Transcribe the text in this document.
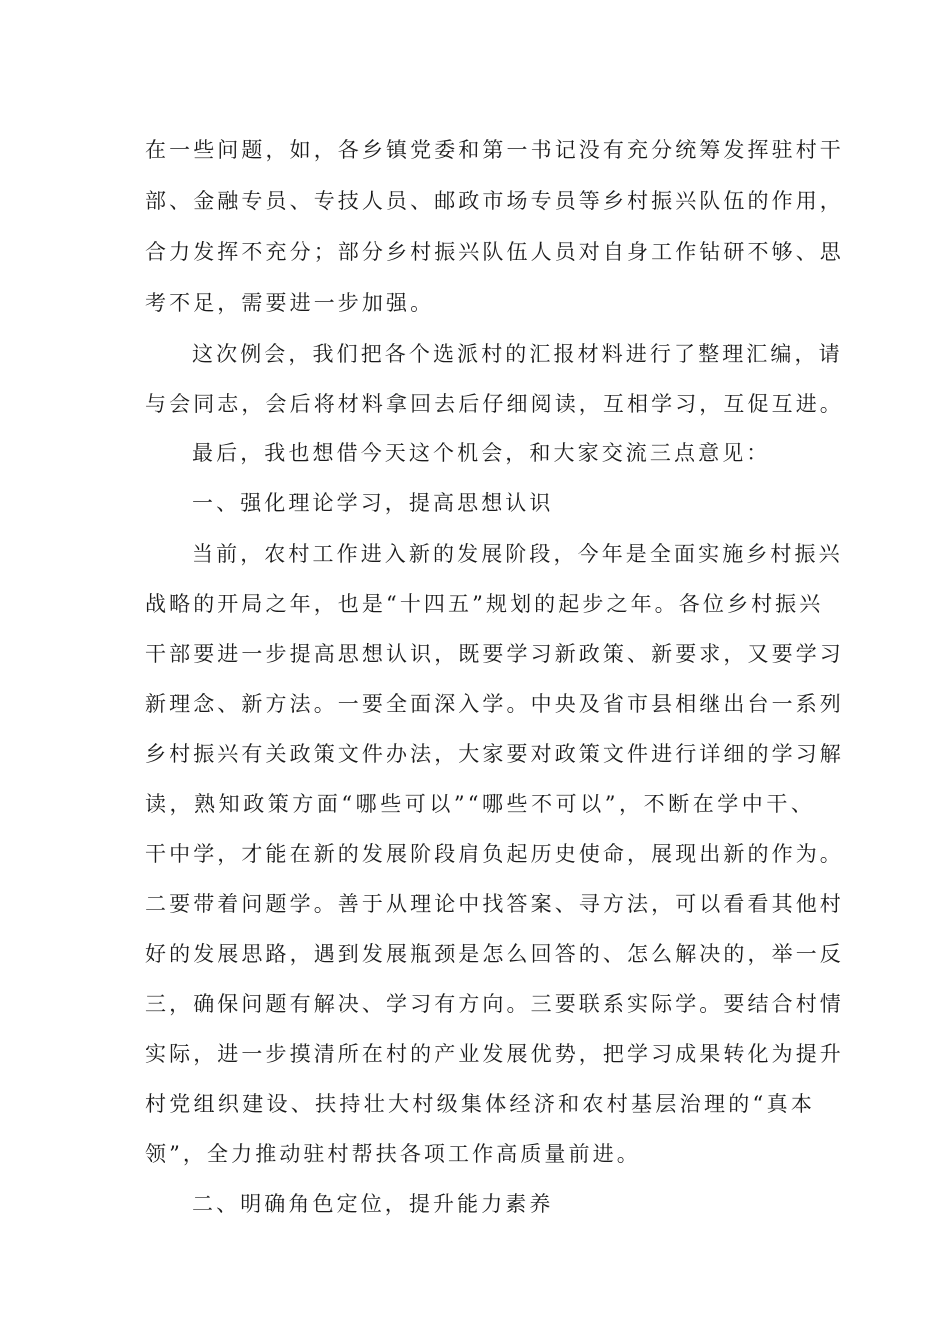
在一些问题，如，各乡镇党委和第一书记没有充分统筹发挥驻村干
部、金融专员、专技人员、邮政市场专员等乡村振兴队伍的作用，
合力发挥不充分；部分乡村振兴队伍人员对自身工作钻研不够、思
考不足，需要进一步加强。
这次例会，我们把各个选派村的汇报材料进行了整理汇编，请
与会同志，会后将材料拿回去后仔细阅读，互相学习，互促互进。
最后，我也想借今天这个机会，和大家交流三点意见：
一、强化理论学习，提高思想认识
当前，农村工作进入新的发展阶段，今年是全面实施乡村振兴
战略的开局之年，也是“十四五”规划的起步之年。各位乡村振兴
干部要进一步提高思想认识，既要学习新政策、新要求，又要学习
新理念、新方法。一要全面深入学。中央及省市县相继出台一系列
乡村振兴有关政策文件办法，大家要对政策文件进行详细的学习解
读，熟知政策方面“哪些可以”“哪些不可以”，不断在学中干、
干中学，才能在新的发展阶段肩负起历史使命，展现出新的作为。
二要带着问题学。善于从理论中找答案、寻方法，可以看看其他村
好的发展思路，遇到发展瓶颈是怎么回答的、怎么解决的，举一反
三，确保问题有解决、学习有方向。三要联系实际学。要结合村情
实际，进一步摸清所在村的产业发展优势，把学习成果转化为提升
村党组织建设、扶持壮大村级集体经济和农村基层治理的“真本
领”，全力推动驻村帮扶各项工作高质量前进。
二、明确角色定位，提升能力素养
